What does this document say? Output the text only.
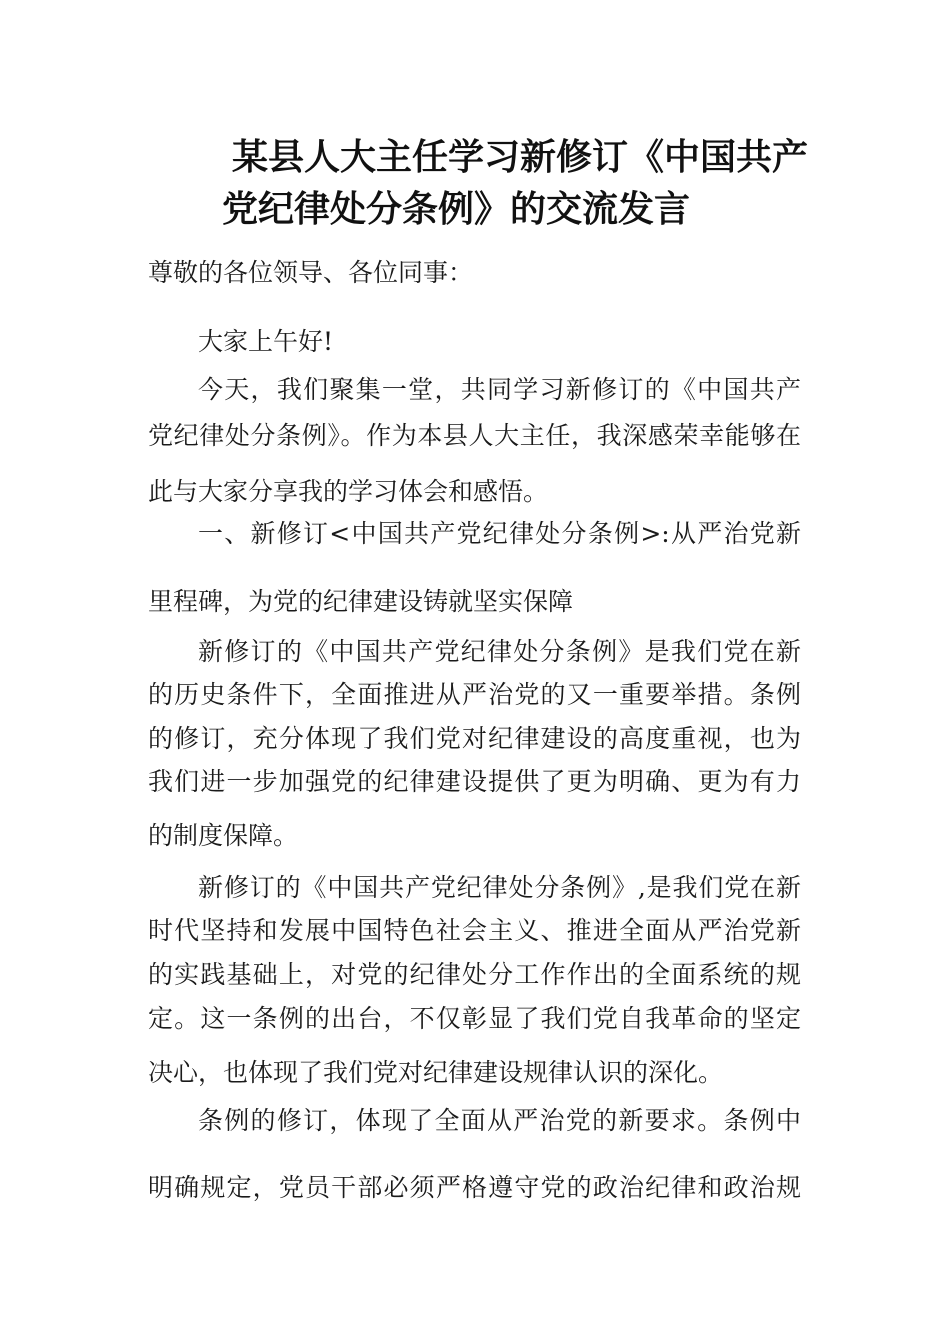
某县人大主任学习新修订《中国共产
党纪律处分条例》的交流发言

尊敬的各位领导、各位同事：

大家上午好!

今天，我们聚集一堂，共同学习新修订的《中国共产

党纪律处分条例》。作为本县人大主任，我深感荣幸能够在

此与大家分享我的学习体会和感悟。

一、新修订<中国共产党纪律处分条例>:从严治党新

里程碑，为党的纪律建设铸就坚实保障

新修订的《中国共产党纪律处分条例》是我们党在新

的历史条件下，全面推进从严治党的又一重要举措。条例

的修订，充分体现了我们党对纪律建设的高度重视，也为

我们进一步加强党的纪律建设提供了更为明确、更为有力

的制度保障。

新修订的《中国共产党纪律处分条例》,是我们党在新

时代坚持和发展中国特色社会主义、推进全面从严治党新

的实践基础上，对党的纪律处分工作作出的全面系统的规

定。这一条例的出台，不仅彰显了我们党自我革命的坚定

决心，也体现了我们党对纪律建设规律认识的深化。

条例的修订，体现了全面从严治党的新要求。条例中

明确规定，党员干部必须严格遵守党的政治纪律和政治规
